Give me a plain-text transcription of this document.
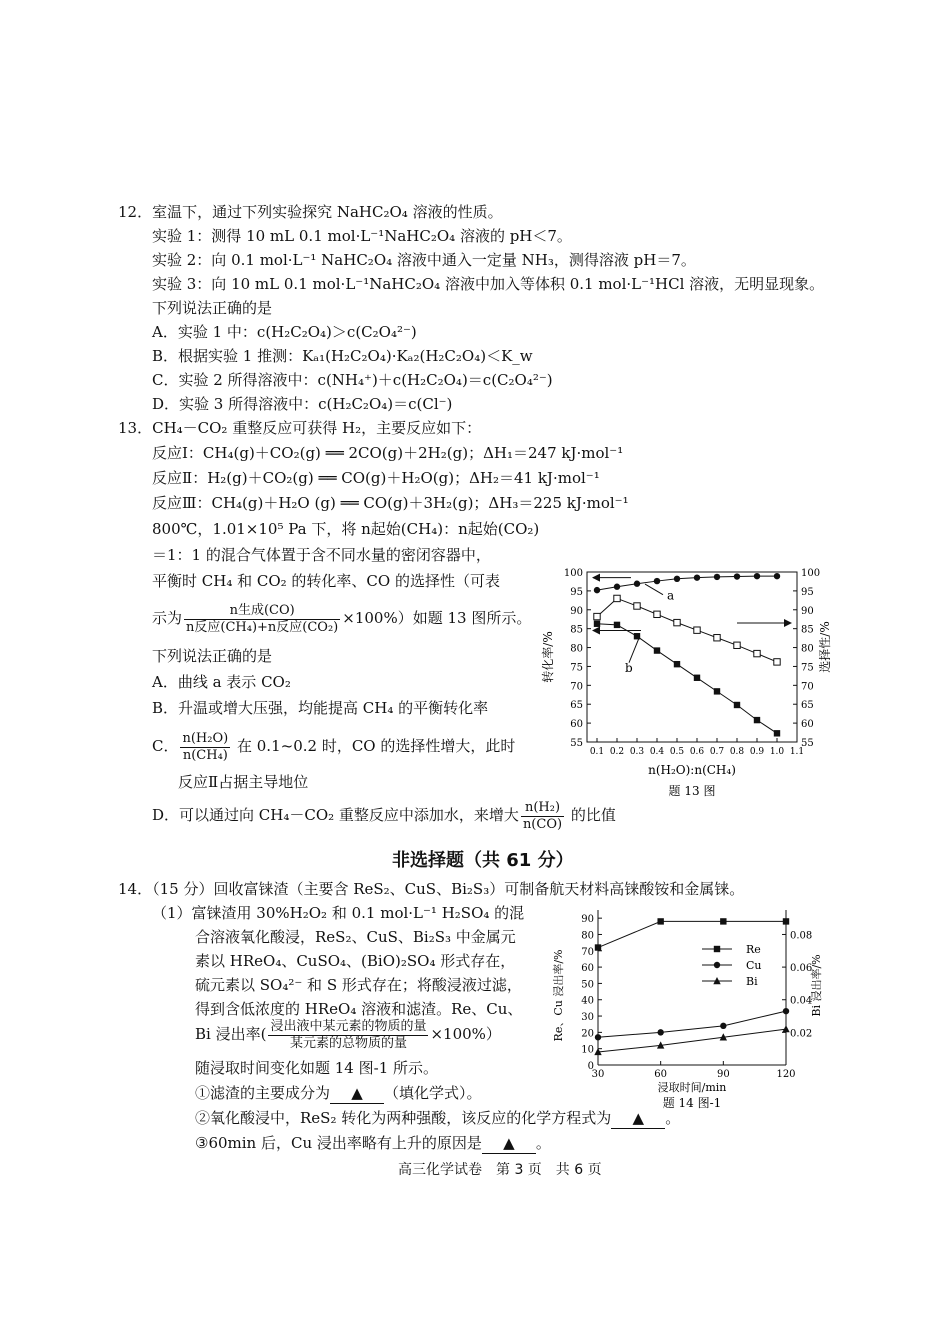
12．室温下，通过下列实验探究 NaHC₂O₄ 溶液的性质。
实验 1：测得 10 mL 0.1 mol·L⁻¹NaHC₂O₄ 溶液的 pH＜7。
实验 2：向 0.1 mol·L⁻¹ NaHC₂O₄ 溶液中通入一定量 NH₃，测得溶液 pH＝7。
实验 3：向 10 mL 0.1 mol·L⁻¹NaHC₂O₄ 溶液中加入等体积 0.1 mol·L⁻¹HCl 溶液，无明显现象。
下列说法正确的是
A．实验 1 中：c(H₂C₂O₄)＞c(C₂O₄²⁻)
B．根据实验 1 推测：Kₐ₁(H₂C₂O₄)·Kₐ₂(H₂C₂O₄)＜K_w
C．实验 2 所得溶液中：c(NH₄⁺)＋c(H₂C₂O₄)＝c(C₂O₄²⁻)
D．实验 3 所得溶液中：c(H₂C₂O₄)＝c(Cl⁻)
13．CH₄－CO₂ 重整反应可获得 H₂，主要反应如下：
反应Ⅰ：CH₄(g)＋CO₂(g) ══ 2CO(g)＋2H₂(g)；ΔH₁＝247 kJ·mol⁻¹
反应Ⅱ：H₂(g)＋CO₂(g) ══ CO(g)＋H₂O(g)；ΔH₂＝41 kJ·mol⁻¹
反应Ⅲ：CH₄(g)＋H₂O (g) ══ CO(g)＋3H₂(g)；ΔH₃＝225 kJ·mol⁻¹
800℃，1.01×10⁵ Pa 下，将 n起始(CH₄)：n起始(CO₂)
＝1：1 的混合气体置于含不同水量的密闭容器中，
平衡时 CH₄ 和 CO₂ 的转化率、CO 的选择性（可表
示为 $\frac{\text{n生成(CO)}}{\text{n反应(CH₄)+n反应(CO₂)}} \times 100\%$）如题 13 图所示。
下列说法正确的是
A．曲线 a 表示 CO₂
B．升温或增大压强，均能提高 CH₄ 的平衡转化率
C． $\frac{\text{n(H₂O)}}{\text{n(CH₄)}}$ 在 0.1~0.2 时，CO 的选择性增大，此时
反应Ⅱ占据主导地位
D．可以通过向 CH₄－CO₂ 重整反应中添加水，来增大 $\frac{\text{n(H₂)}}{n(CO)}$ 的比值
0.1 0.2 0.3 0.4 0.5 0.6 0.7 0.8 0.9 1.0 1.1
55	55
60	60
65	65
70	70
75	75
80	80
85	85
90	90
95	95
100	100
a
b
转化率/%	选择性/%
n(H₂O):n(CH₄)
题 13 图
非选择题（共 61 分）
14．（15 分）回收富铼渣（主要含 ReS₂、CuS、Bi₂S₃）可制备航天材料高铼酸铵和金属铼。
（1）富铼渣用 30%H₂O₂ 和 0.1 mol·L⁻¹ H₂SO₄ 的混
合溶液氧化酸浸，ReS₂、CuS、Bi₂S₃ 中金属元
素以 HReO₄、CuSO₄、(BiO)₂SO₄ 形式存在，
硫元素以 SO₄²⁻ 和 S 形式存在；将酸浸液过滤，
得到含低浓度的 HReO₄ 溶液和滤渣。Re、Cu、
Bi 浸出率( $\frac{\text{浸出液中某元素的物质的量}}{\text{某元素的总物质的量}} \times 100\%$）
随浸取时间变化如题 14 图-1 所示。
①滤渣的主要成分为 ▲ （填化学式）。
②氧化酸浸中，ReS₂ 转化为两种强酸，该反应的化学方程式为 ▲ 。
③60min 后，Cu 浸出率略有上升的原因是 ▲ 。
30	60	90	120
0
10
20
30
40
50
60
70
80
90
0.02
0.04
0.06
0.08
Re
Cu
Bi
Re、Cu 浸出率/%	Bi 浸出率/%
浸取时间/min
题 14 图-1
高三化学试卷　第 3 页　共 6 页
